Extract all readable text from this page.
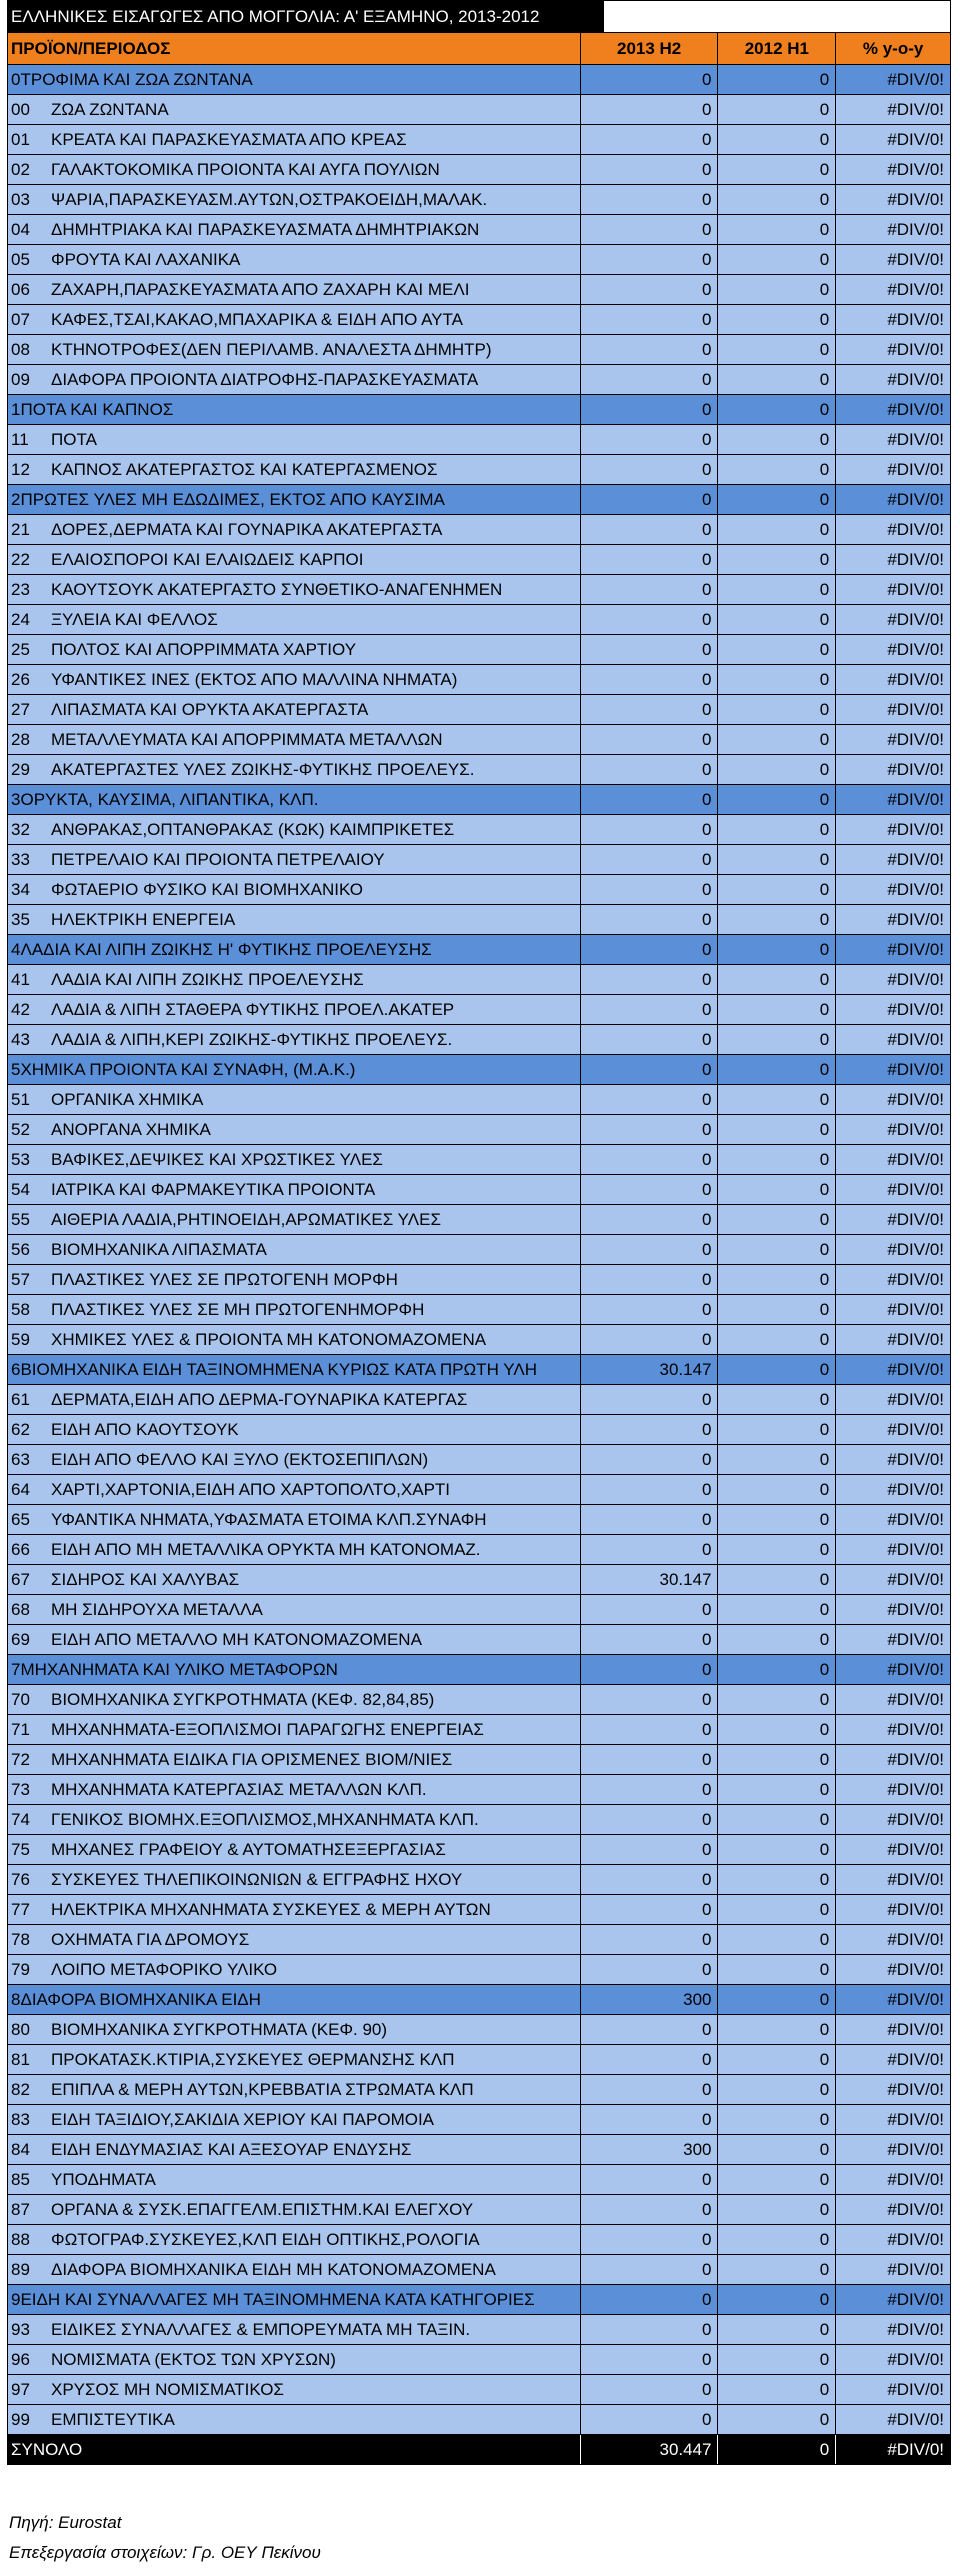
ΕΛΛΗΝΙΚΕΣ ΕΙΣΑΓΩΓΕΣ ΑΠΟ ΜΟΓΓΟΛΙΑ: Α' ΕΞΑΜΗΝΟ, 2013-2012
ΠΡΟΪΟΝ/ΠΕΡΙΟΔΟΣ	2013 H2	2012 H1	% y-o-y
0 ΤΡΟΦΙΜΑ ΚΑΙ ΖΩΑ ΖΩΝΤΑΝΑ	0	0	#DIV/0!
00	ΖΩΑ ΖΩΝΤΑΝΑ	0	0	#DIV/0!
01	ΚΡΕΑΤΑ ΚΑΙ ΠΑΡΑΣΚΕΥΑΣΜΑΤΑ ΑΠΟ ΚΡΕΑΣ	0	0	#DIV/0!
02	ΓΑΛΑΚΤΟΚΟΜΙΚΑ ΠΡΟΙΟΝΤΑ ΚΑΙ ΑΥΓΑ ΠΟΥΛΙΩΝ	0	0	#DIV/0!
03	ΨΑΡΙΑ,ΠΑΡΑΣΚΕΥΑΣΜ.ΑΥΤΩΝ,ΟΣΤΡΑΚΟΕΙΔΗ,ΜΑΛΑΚ.	0	0	#DIV/0!
04	ΔΗΜΗΤΡΙΑΚΑ ΚΑΙ ΠΑΡΑΣΚΕΥΑΣΜΑΤΑ ΔΗΜΗΤΡΙΑΚΩΝ	0	0	#DIV/0!
05	ΦΡΟΥΤΑ ΚΑΙ ΛΑΧΑΝΙΚΑ	0	0	#DIV/0!
06	ΖΑΧΑΡΗ,ΠΑΡΑΣΚΕΥΑΣΜΑΤΑ ΑΠΟ ΖΑΧΑΡΗ ΚΑΙ ΜΕΛΙ	0	0	#DIV/0!
07	ΚΑΦΕΣ,ΤΣΑΙ,ΚΑΚΑΟ,ΜΠΑΧΑΡΙΚΑ & ΕΙΔΗ ΑΠΟ ΑΥΤΑ	0	0	#DIV/0!
08	ΚΤΗΝΟΤΡΟΦΕΣ(ΔΕΝ ΠΕΡΙΛΑΜΒ. ΑΝΑΛΕΣΤΑ ΔΗΜΗΤΡ)	0	0	#DIV/0!
09	ΔΙΑΦΟΡΑ ΠΡΟΙΟΝΤΑ ΔΙΑΤΡΟΦΗΣ-ΠΑΡΑΣΚΕΥΑΣΜΑΤΑ	0	0	#DIV/0!
1 ΠΟΤΑ ΚΑΙ ΚΑΠΝΟΣ	0	0	#DIV/0!
11	ΠΟΤΑ	0	0	#DIV/0!
12	ΚΑΠΝΟΣ ΑΚΑΤΕΡΓΑΣΤΟΣ ΚΑΙ ΚΑΤΕΡΓΑΣΜΕΝΟΣ	0	0	#DIV/0!
2 ΠΡΩΤΕΣ ΥΛΕΣ ΜΗ ΕΔΩΔΙΜΕΣ, ΕΚΤΟΣ ΑΠΟ ΚΑΥΣΙΜΑ	0	0	#DIV/0!
21	ΔΟΡΕΣ,ΔΕΡΜΑΤΑ ΚΑΙ ΓΟΥΝΑΡΙΚΑ ΑΚΑΤΕΡΓΑΣΤΑ	0	0	#DIV/0!
22	ΕΛΑΙΟΣΠΟΡΟΙ ΚΑΙ ΕΛΑΙΩΔΕΙΣ ΚΑΡΠΟΙ	0	0	#DIV/0!
23	ΚΑΟΥΤΣΟΥΚ ΑΚΑΤΕΡΓΑΣΤΟ ΣΥΝΘΕΤΙΚΟ-ΑΝΑΓΕΝΗΜΕΝ	0	0	#DIV/0!
24	ΞΥΛΕΙΑ ΚΑΙ ΦΕΛΛΟΣ	0	0	#DIV/0!
25	ΠΟΛΤΟΣ ΚΑΙ ΑΠΟΡΡΙΜΜΑΤΑ ΧΑΡΤΙΟΥ	0	0	#DIV/0!
26	ΥΦΑΝΤΙΚΕΣ ΙΝΕΣ (ΕΚΤΟΣ ΑΠΟ ΜΑΛΛΙΝΑ ΝΗΜΑΤΑ)	0	0	#DIV/0!
27	ΛΙΠΑΣΜΑΤΑ ΚΑΙ ΟΡΥΚΤΑ ΑΚΑΤΕΡΓΑΣΤΑ	0	0	#DIV/0!
28	ΜΕΤΑΛΛΕΥΜΑΤΑ ΚΑΙ ΑΠΟΡΡΙΜΜΑΤΑ ΜΕΤΑΛΛΩΝ	0	0	#DIV/0!
29	ΑΚΑΤΕΡΓΑΣΤΕΣ ΥΛΕΣ ΖΩΙΚΗΣ-ΦΥΤΙΚΗΣ ΠΡΟΕΛΕΥΣ.	0	0	#DIV/0!
3 ΟΡΥΚΤΑ, ΚΑΥΣΙΜΑ, ΛΙΠΑΝΤΙΚΑ, ΚΛΠ.	0	0	#DIV/0!
32	ΑΝΘΡΑΚΑΣ,ΟΠΤΑΝΘΡΑΚΑΣ (ΚΩΚ) ΚΑΙΜΠΡΙΚΕΤΕΣ	0	0	#DIV/0!
33	ΠΕΤΡΕΛΑΙΟ ΚΑΙ ΠΡΟΙΟΝΤΑ ΠΕΤΡΕΛΑΙΟΥ	0	0	#DIV/0!
34	ΦΩΤΑΕΡΙΟ ΦΥΣΙΚΟ ΚΑΙ ΒΙΟΜΗΧΑΝΙΚΟ	0	0	#DIV/0!
35	ΗΛΕΚΤΡΙΚΗ ΕΝΕΡΓΕΙΑ	0	0	#DIV/0!
4 ΛΑΔΙΑ ΚΑΙ ΛΙΠΗ ΖΩΙΚΗΣ Η' ΦΥΤΙΚΗΣ ΠΡΟΕΛΕΥΣΗΣ	0	0	#DIV/0!
41	ΛΑΔΙΑ ΚΑΙ ΛΙΠΗ ΖΩΙΚΗΣ ΠΡΟΕΛΕΥΣΗΣ	0	0	#DIV/0!
42	ΛΑΔΙΑ & ΛΙΠΗ ΣΤΑΘΕΡΑ ΦΥΤΙΚΗΣ ΠΡΟΕΛ.ΑΚΑΤΕΡ	0	0	#DIV/0!
43	ΛΑΔΙΑ & ΛΙΠΗ,ΚΕΡΙ ΖΩΙΚΗΣ-ΦΥΤΙΚΗΣ ΠΡΟΕΛΕΥΣ.	0	0	#DIV/0!
5 ΧΗΜΙΚΑ ΠΡΟΙΟΝΤΑ ΚΑΙ ΣΥΝΑΦΗ, (Μ.Α.Κ.)	0	0	#DIV/0!
51	ΟΡΓΑΝΙΚΑ ΧΗΜΙΚΑ	0	0	#DIV/0!
52	ΑΝΟΡΓΑΝΑ ΧΗΜΙΚΑ	0	0	#DIV/0!
53	ΒΑΦΙΚΕΣ,ΔΕΨΙΚΕΣ ΚΑΙ ΧΡΩΣΤΙΚΕΣ ΥΛΕΣ	0	0	#DIV/0!
54	ΙΑΤΡΙΚΑ ΚΑΙ ΦΑΡΜΑΚΕΥΤΙΚΑ ΠΡΟΙΟΝΤΑ	0	0	#DIV/0!
55	ΑΙΘΕΡΙΑ ΛΑΔΙΑ,ΡΗΤΙΝΟΕΙΔΗ,ΑΡΩΜΑΤΙΚΕΣ ΥΛΕΣ	0	0	#DIV/0!
56	ΒΙΟΜΗΧΑΝΙΚΑ ΛΙΠΑΣΜΑΤΑ	0	0	#DIV/0!
57	ΠΛΑΣΤΙΚΕΣ ΥΛΕΣ ΣΕ ΠΡΩΤΟΓΕΝΗ ΜΟΡΦΗ	0	0	#DIV/0!
58	ΠΛΑΣΤΙΚΕΣ ΥΛΕΣ ΣΕ ΜΗ ΠΡΩΤΟΓΕΝΗΜΟΡΦΗ	0	0	#DIV/0!
59	ΧΗΜΙΚΕΣ ΥΛΕΣ & ΠΡΟΙΟΝΤΑ ΜΗ ΚΑΤΟΝΟΜΑΖΟΜΕΝΑ	0	0	#DIV/0!
6 ΒΙΟΜΗΧΑΝΙΚΑ ΕΙΔΗ ΤΑΞΙΝΟΜΗΜΕΝΑ ΚΥΡΙΩΣ ΚΑΤΑ ΠΡΩΤΗ ΥΛΗ	30.147	0	#DIV/0!
61	ΔΕΡΜΑΤΑ,ΕΙΔΗ ΑΠΟ ΔΕΡΜΑ-ΓΟΥΝΑΡΙΚΑ ΚΑΤΕΡΓΑΣ	0	0	#DIV/0!
62	ΕΙΔΗ ΑΠΟ ΚΑΟΥΤΣΟΥΚ	0	0	#DIV/0!
63	ΕΙΔΗ ΑΠΟ ΦΕΛΛΟ ΚΑΙ ΞΥΛΟ (ΕΚΤΟΣΕΠΙΠΛΩΝ)	0	0	#DIV/0!
64	ΧΑΡΤΙ,ΧΑΡΤΟΝΙΑ,ΕΙΔΗ ΑΠΟ ΧΑΡΤΟΠΟΛΤΟ,ΧΑΡΤΙ	0	0	#DIV/0!
65	ΥΦΑΝΤΙΚΑ ΝΗΜΑΤΑ,ΥΦΑΣΜΑΤΑ ΕΤΟΙΜΑ ΚΛΠ.ΣΥΝΑΦΗ	0	0	#DIV/0!
66	ΕΙΔΗ ΑΠΟ ΜΗ ΜΕΤΑΛΛΙΚΑ ΟΡΥΚΤΑ ΜΗ ΚΑΤΟΝΟΜΑΖ.	0	0	#DIV/0!
67	ΣΙΔΗΡΟΣ ΚΑΙ ΧΑΛΥΒΑΣ	30.147	0	#DIV/0!
68	ΜΗ ΣΙΔΗΡΟΥΧΑ ΜΕΤΑΛΛΑ	0	0	#DIV/0!
69	ΕΙΔΗ ΑΠΟ ΜΕΤΑΛΛΟ ΜΗ ΚΑΤΟΝΟΜΑΖΟΜΕΝΑ	0	0	#DIV/0!
7 ΜΗΧΑΝΗΜΑΤΑ ΚΑΙ ΥΛΙΚΟ ΜΕΤΑΦΟΡΩΝ	0	0	#DIV/0!
70	ΒΙΟΜΗΧΑΝΙΚΑ ΣΥΓΚΡΟΤΗΜΑΤΑ (ΚΕΦ. 82,84,85)	0	0	#DIV/0!
71	ΜΗΧΑΝΗΜΑΤΑ-ΕΞΟΠΛΙΣΜΟΙ ΠΑΡΑΓΩΓΗΣ ΕΝΕΡΓΕΙΑΣ	0	0	#DIV/0!
72	ΜΗΧΑΝΗΜΑΤΑ ΕΙΔΙΚΑ ΓΙΑ ΟΡΙΣΜΕΝΕΣ ΒΙΟΜ/ΝΙΕΣ	0	0	#DIV/0!
73	ΜΗΧΑΝΗΜΑΤΑ ΚΑΤΕΡΓΑΣΙΑΣ ΜΕΤΑΛΛΩΝ ΚΛΠ.	0	0	#DIV/0!
74	ΓΕΝΙΚΟΣ ΒΙΟΜΗΧ.ΕΞΟΠΛΙΣΜΟΣ,ΜΗΧΑΝΗΜΑΤΑ ΚΛΠ.	0	0	#DIV/0!
75	ΜΗΧΑΝΕΣ ΓΡΑΦΕΙΟΥ & ΑΥΤΟΜΑΤΗΣΕΞΕΡΓΑΣΙΑΣ	0	0	#DIV/0!
76	ΣΥΣΚΕΥΕΣ ΤΗΛΕΠΙΚΟΙΝΩΝΙΩΝ & ΕΓΓΡΑΦΗΣ ΗΧΟΥ	0	0	#DIV/0!
77	ΗΛΕΚΤΡΙΚΑ ΜΗΧΑΝΗΜΑΤΑ ΣΥΣΚΕΥΕΣ & ΜΕΡΗ ΑΥΤΩΝ	0	0	#DIV/0!
78	ΟΧΗΜΑΤΑ ΓΙΑ ΔΡΟΜΟΥΣ	0	0	#DIV/0!
79	ΛΟΙΠΟ ΜΕΤΑΦΟΡΙΚΟ ΥΛΙΚΟ	0	0	#DIV/0!
8 ΔΙΑΦΟΡΑ ΒΙΟΜΗΧΑΝΙΚΑ ΕΙΔΗ	300	0	#DIV/0!
80	ΒΙΟΜΗΧΑΝΙΚΑ ΣΥΓΚΡΟΤΗΜΑΤΑ (ΚΕΦ. 90)	0	0	#DIV/0!
81	ΠΡΟΚΑΤΑΣΚ.ΚΤΙΡΙΑ,ΣΥΣΚΕΥΕΣ ΘΕΡΜΑΝΣΗΣ ΚΛΠ	0	0	#DIV/0!
82	ΕΠΙΠΛΑ & ΜΕΡΗ ΑΥΤΩΝ,ΚΡΕΒΒΑΤΙΑ ΣΤΡΩΜΑΤΑ ΚΛΠ	0	0	#DIV/0!
83	ΕΙΔΗ ΤΑΞΙΔΙΟΥ,ΣΑΚΙΔΙΑ ΧΕΡΙΟΥ ΚΑΙ ΠΑΡΟΜΟΙΑ	0	0	#DIV/0!
84	ΕΙΔΗ ΕΝΔΥΜΑΣΙΑΣ ΚΑΙ ΑΞΕΣΟΥΑΡ ΕΝΔΥΣΗΣ	300	0	#DIV/0!
85	ΥΠΟΔΗΜΑΤΑ	0	0	#DIV/0!
87	ΟΡΓΑΝΑ & ΣΥΣΚ.ΕΠΑΓΓΕΛΜ.ΕΠΙΣΤΗΜ.ΚΑΙ ΕΛΕΓΧΟΥ	0	0	#DIV/0!
88	ΦΩΤΟΓΡΑΦ.ΣΥΣΚΕΥΕΣ,ΚΛΠ ΕΙΔΗ ΟΠΤΙΚΗΣ,ΡΟΛΟΓΙΑ	0	0	#DIV/0!
89	ΔΙΑΦΟΡΑ ΒΙΟΜΗΧΑΝΙΚΑ ΕΙΔΗ ΜΗ ΚΑΤΟΝΟΜΑΖΟΜΕΝΑ	0	0	#DIV/0!
9 ΕΙΔΗ ΚΑΙ ΣΥΝΑΛΛΑΓΕΣ ΜΗ ΤΑΞΙΝΟΜΗΜΕΝΑ ΚΑΤΑ ΚΑΤΗΓΟΡΙΕΣ	0	0	#DIV/0!
93	ΕΙΔΙΚΕΣ ΣΥΝΑΛΛΑΓΕΣ & ΕΜΠΟΡΕΥΜΑΤΑ ΜΗ ΤΑΞΙΝ.	0	0	#DIV/0!
96	ΝΟΜΙΣΜΑΤΑ (ΕΚΤΟΣ ΤΩΝ ΧΡΥΣΩΝ)	0	0	#DIV/0!
97	ΧΡΥΣΟΣ ΜΗ ΝΟΜΙΣΜΑΤΙΚΟΣ	0	0	#DIV/0!
99	ΕΜΠΙΣΤΕΥΤΙΚΑ	0	0	#DIV/0!
ΣΥΝΟΛΟ	30.447	0	#DIV/0!
Πηγή: Eurostat
Επεξεργασία στοιχείων: Γρ. ΟΕΥ Πεκίνου
